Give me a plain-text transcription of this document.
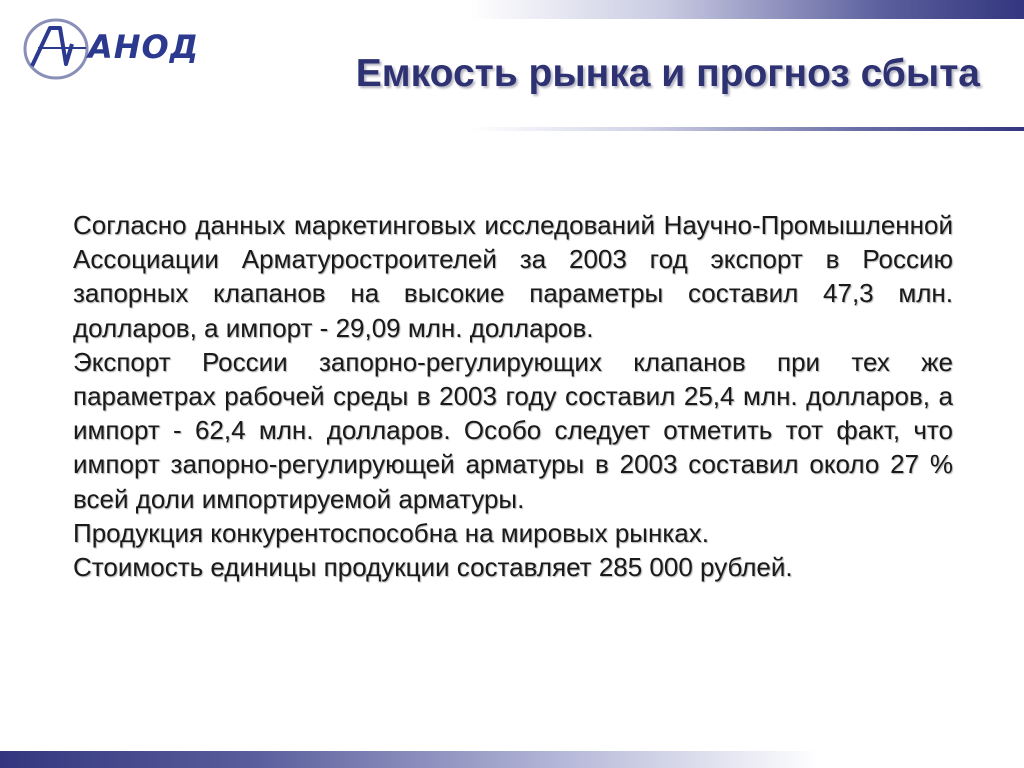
АНОД
Емкость рынка и прогноз сбыта

Согласно данных маркетинговых исследований Научно-Промышленной Ассоциации Арматуростроителей за 2003 год экспорт в Россию запорных клапанов на высокие параметры составил 47,3 млн. долларов, а импорт - 29,09 млн. долларов.

Экспорт России запорно-регулирующих клапанов при тех же параметрах рабочей среды в 2003 году составил 25,4 млн. долларов, а импорт - 62,4 млн. долларов. Особо следует отметить тот факт, что импорт запорно-регулирующей арматуры в 2003 составил около 27 % всей доли импортируемой арматуры.

Продукция конкурентоспособна на мировых рынках.

Стоимость единицы продукции составляет 285 000 рублей.
